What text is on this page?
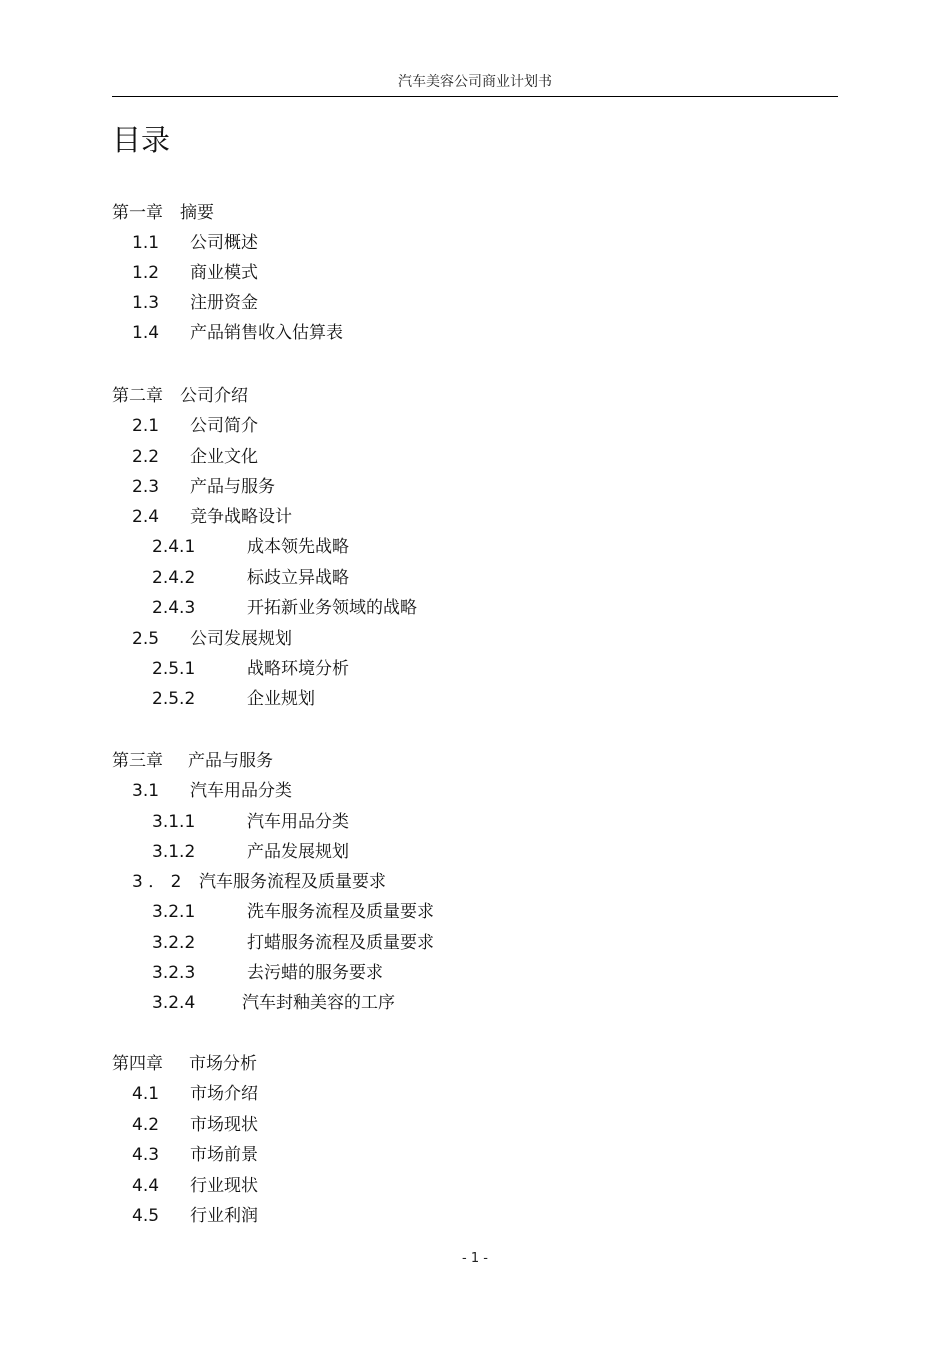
汽车美容公司商业计划书
目录
第一章 摘要
1.1 公司概述
1.2 商业模式
1.3 注册资金
1.4 产品销售收入估算表
第二章 公司介绍
2.1 公司简介
2.2 企业文化
2.3 产品与服务
2.4 竞争战略设计
2.4.1	成本领先战略
2.4.2	标歧立异战略
2.4.3	开拓新业务领域的战略
2.5 公司发展规划
2.5.1	战略环境分析
2.5.2	企业规划
第三章 产品与服务
3.1 汽车用品分类
3.1.1	汽车用品分类
3.1.2	产品发展规划
3 ． 2 汽车服务流程及质量要求
3.2.1	洗车服务流程及质量要求
3.2.2	打蜡服务流程及质量要求
3.2.3	去污蜡的服务要求
3.2.4	汽车封釉美容的工序
第四章 市场分析
4.1 市场介绍
4.2 市场现状
4.3 市场前景
4.4 行业现状
4.5 行业利润
- 1 -
